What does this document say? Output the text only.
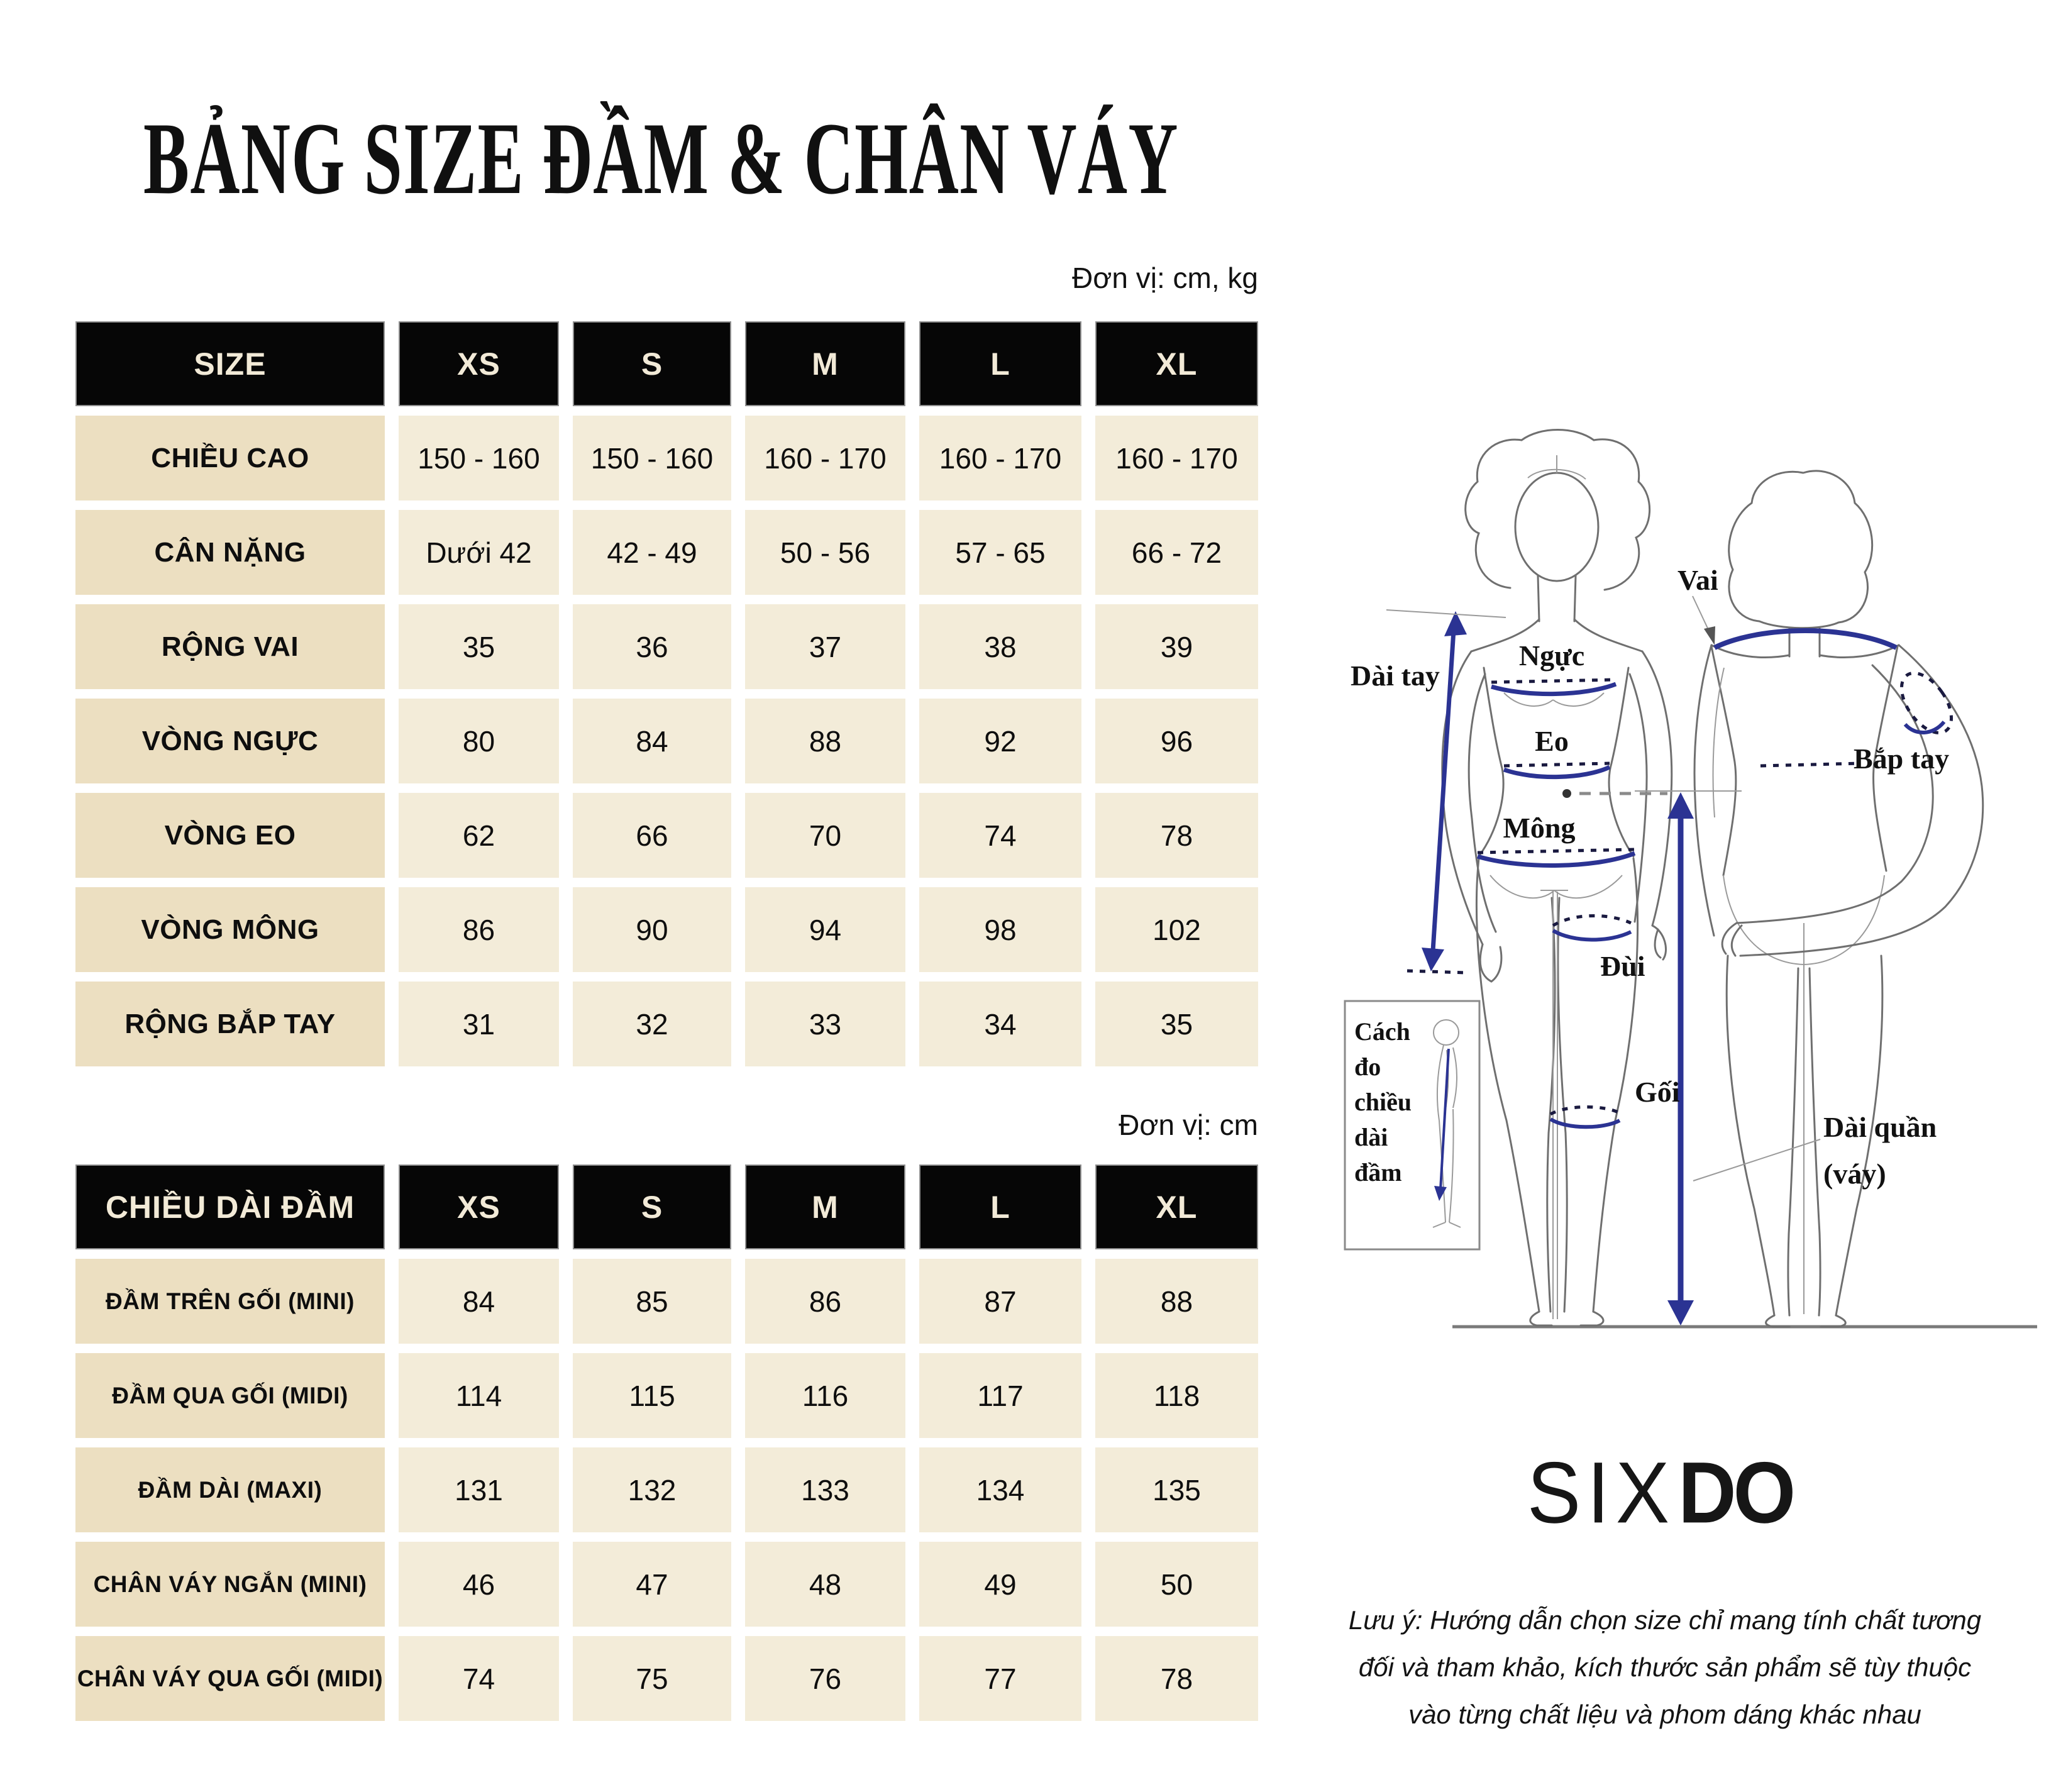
BẢNG SIZE ĐẦM & CHÂN VÁY
Đơn vị: cm, kg
SIZE	XS	S	M	L	XL
CHIỀU CAO	150 - 160	150 - 160	160 - 170	160 - 170	160 - 170
CÂN NẶNG	Dưới 42	42 - 49	50 - 56	57 - 65	66 - 72
RỘNG VAI	35	36	37	38	39
VÒNG NGỰC	80	84	88	92	96
VÒNG EO	62	66	70	74	78
VÒNG MÔNG	86	90	94	98	102
RỘNG BẮP TAY	31	32	33	34	35
Đơn vị: cm
CHIỀU DÀI ĐẦM	XS	S	M	L	XL
ĐẦM TRÊN GỐI (MINI)	84	85	86	87	88
ĐẦM QUA GỐI (MIDI)	114	115	116	117	118
ĐẦM DÀI (MAXI)	131	132	133	134	135
CHÂN VÁY NGẮN (MINI)	46	47	48	49	50
CHÂN VÁY QUA GỐI (MIDI)	74	75	76	77	78
Dài tay
Ngực
Eo
Mông
Vai
Bắp tay
Đùi
Gối
Dài quần
(váy)
Cách
đo
chiều
dài
đầm
SIXDO
Lưu ý: Hướng dẫn chọn size chỉ mang tính chất tương
đối và tham khảo, kích thước sản phẩm sẽ tùy thuộc
vào từng chất liệu và phom dáng khác nhau
